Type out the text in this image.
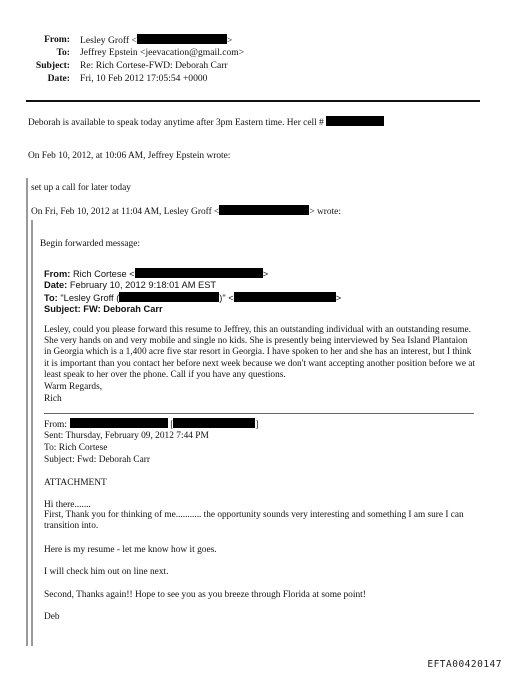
From: Lesley Groff <	>
To: Jeffrey Epstein <jeevacation@gmail.com>
Subject: Re: Rich Cortese-FWD: Deborah Carr
Date: Fri, 10 Feb 2012 17:05:54 +0000
Deborah is available to speak today anytime after 3pm Eastern time. Her cell #
On Feb 10, 2012, at 10:06 AM, Jeffrey Epstein wrote:
set up a call for later today
On Fri, Feb 10, 2012 at 11:04 AM, Lesley Groff <	> wrote:
Begin forwarded message:
From: Rich Cortese <	>
Date: February 10, 2012 9:18:01 AM EST
To: "Lesley Groff (	)" <	>
Subject: FW: Deborah Carr
Lesley, could you please forward this resume to Jeffrey, this an outstanding individual with an outstanding resume. She very hands on and very mobile and single no kids. She is presently being interviewed by Sea Island Plantaion in Georgia which is a 1,400 acre five star resort in Georgia. I have spoken to her and she has an interest, but I think it is important than you contact her before next week because we don't want accepting another position before we at least speak to her over the phone. Call if you have any questions.
Warm Regards,
Rich
From:	[	]
Sent: Thursday, February 09, 2012 7:44 PM
To: Rich Cortese
Subject: Fwd: Deborah Carr
ATTACHMENT
Hi there.......
First, Thank you for thinking of me........... the opportunity sounds very interesting and something I am sure I can transition into.
Here is my resume - let me know how it goes.
I will check him out on line next.
Second, Thanks again!! Hope to see you as you breeze through Florida at some point!
Deb
EFTA00420147
